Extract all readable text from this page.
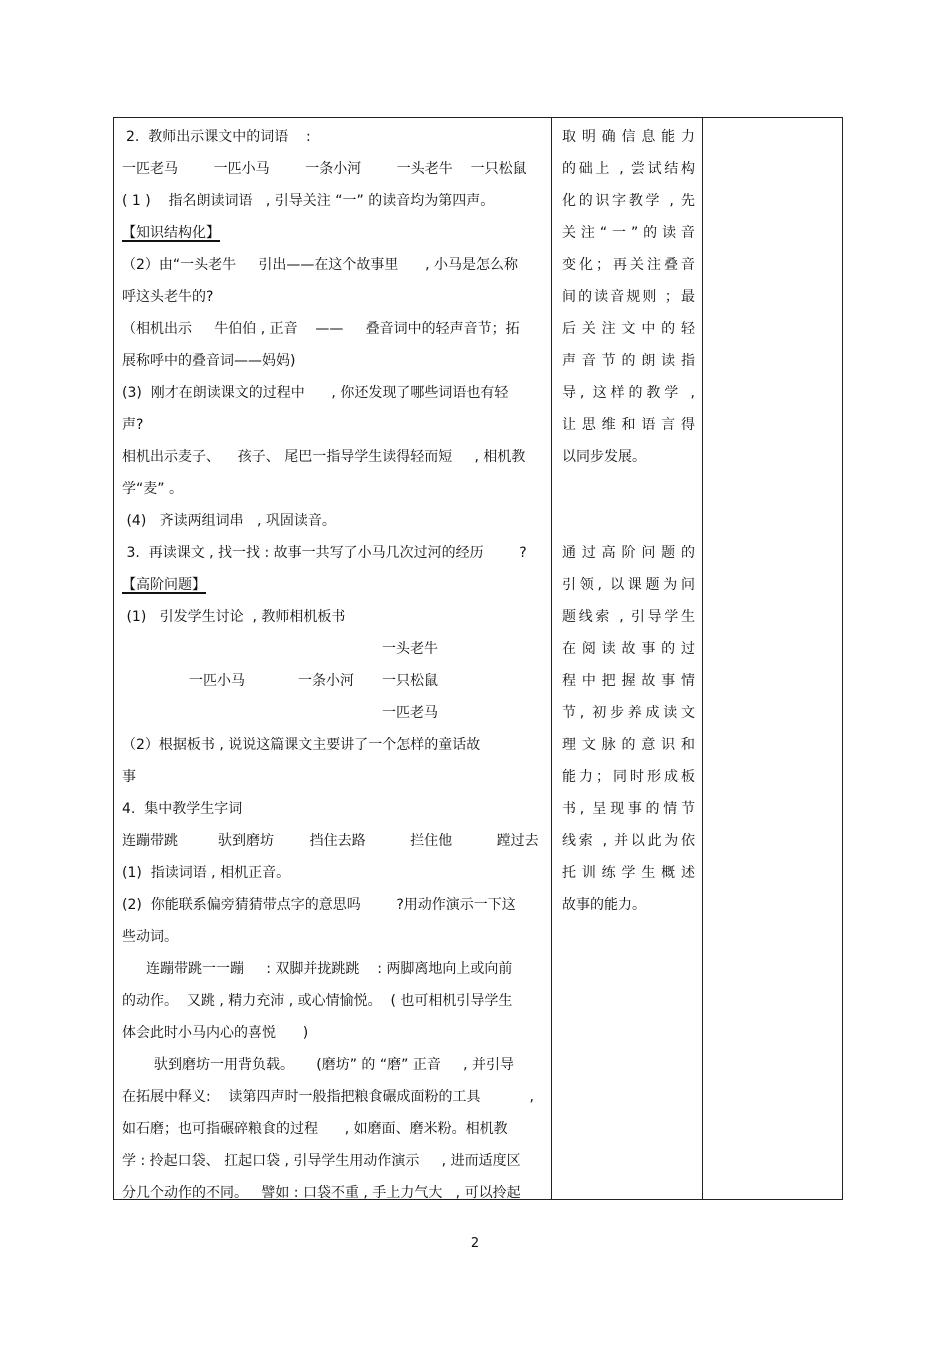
2.  教师出示课文中的词语    :
一匹老马        一匹小马        一条小河        一头老牛    一只松鼠
( 1 )    指名朗读词语   , 引导关注 “一” 的读音均为第四声。
【知识结构化】
（2）由“一头老牛     引出——在这个故事里      , 小马是怎么称
呼这头老牛的?
（相机出示     牛伯伯 , 正音    ——     叠音词中的轻声音节；拓
展称呼中的叠音词——妈妈)
(3)  刚才在朗读课文的过程中      , 你还发现了哪些词语也有轻
声?
相机出示麦子、    孩子、 尾巴一指导学生读得轻而短     , 相机教
学“麦” 。
(4)   齐读两组词串   , 巩固读音。
3.  再读课文 , 找一找 : 故事一共写了小马几次过河的经历        ?
【高阶问题】
(1)   引发学生讨论  , 教师相机板书
一头老牛
一匹小马	一条小河 一只松鼠
一匹老马
（2）根据板书 , 说说这篇课文主要讲了一个怎样的童话故
事
4.  集中教学生字词
连蹦带跳         驮到磨坊        挡住去路          拦住他          蹚过去
(1)  指读词语 , 相机正音。
(2)  你能联系偏旁猜猜带点字的意思吗        ?用动作演示一下这
些动词。
连蹦带跳一一蹦     : 双脚并拢跳跳    : 两脚离地向上或向前
的动作。  又跳 , 精力充沛 , 或心情愉悦。  ( 也可相机引导学生
体会此时小马内心的喜悦      )
驮到磨坊一用背负载。     (磨坊” 的 “磨” 正音     , 并引导
在拓展中释义:    读第四声时一般指把粮食碾成面粉的工具           ,
如石磨；也可指碾碎粮食的过程      , 如磨面、磨米粉。相机教
学 : 拎起口袋、 扛起口袋 , 引导学生用动作演示     , 进而适度区
分几个动作的不同。   譬如 : 口袋不重 , 手上力气大   , 可以拎起
取明确信息能力
的础上 , 尝试结构
化的识字教学 , 先
关注“一”的读音
变化；再关注叠音
间的读音规则 ；最
后关注文中的轻
声音节的朗读指
导, 这样的教学 ,
让思维和语言得
以同步发展。
通过高阶问题的
引领, 以课题为问
题线索 , 引导学生
在阅读故事的过
程中把握故事情
节, 初步养成读文
理文脉的意识和
能力；同时形成板
书, 呈现事的情节
线索 , 并以此为依
托训练学生概述
故事的能力。
2
